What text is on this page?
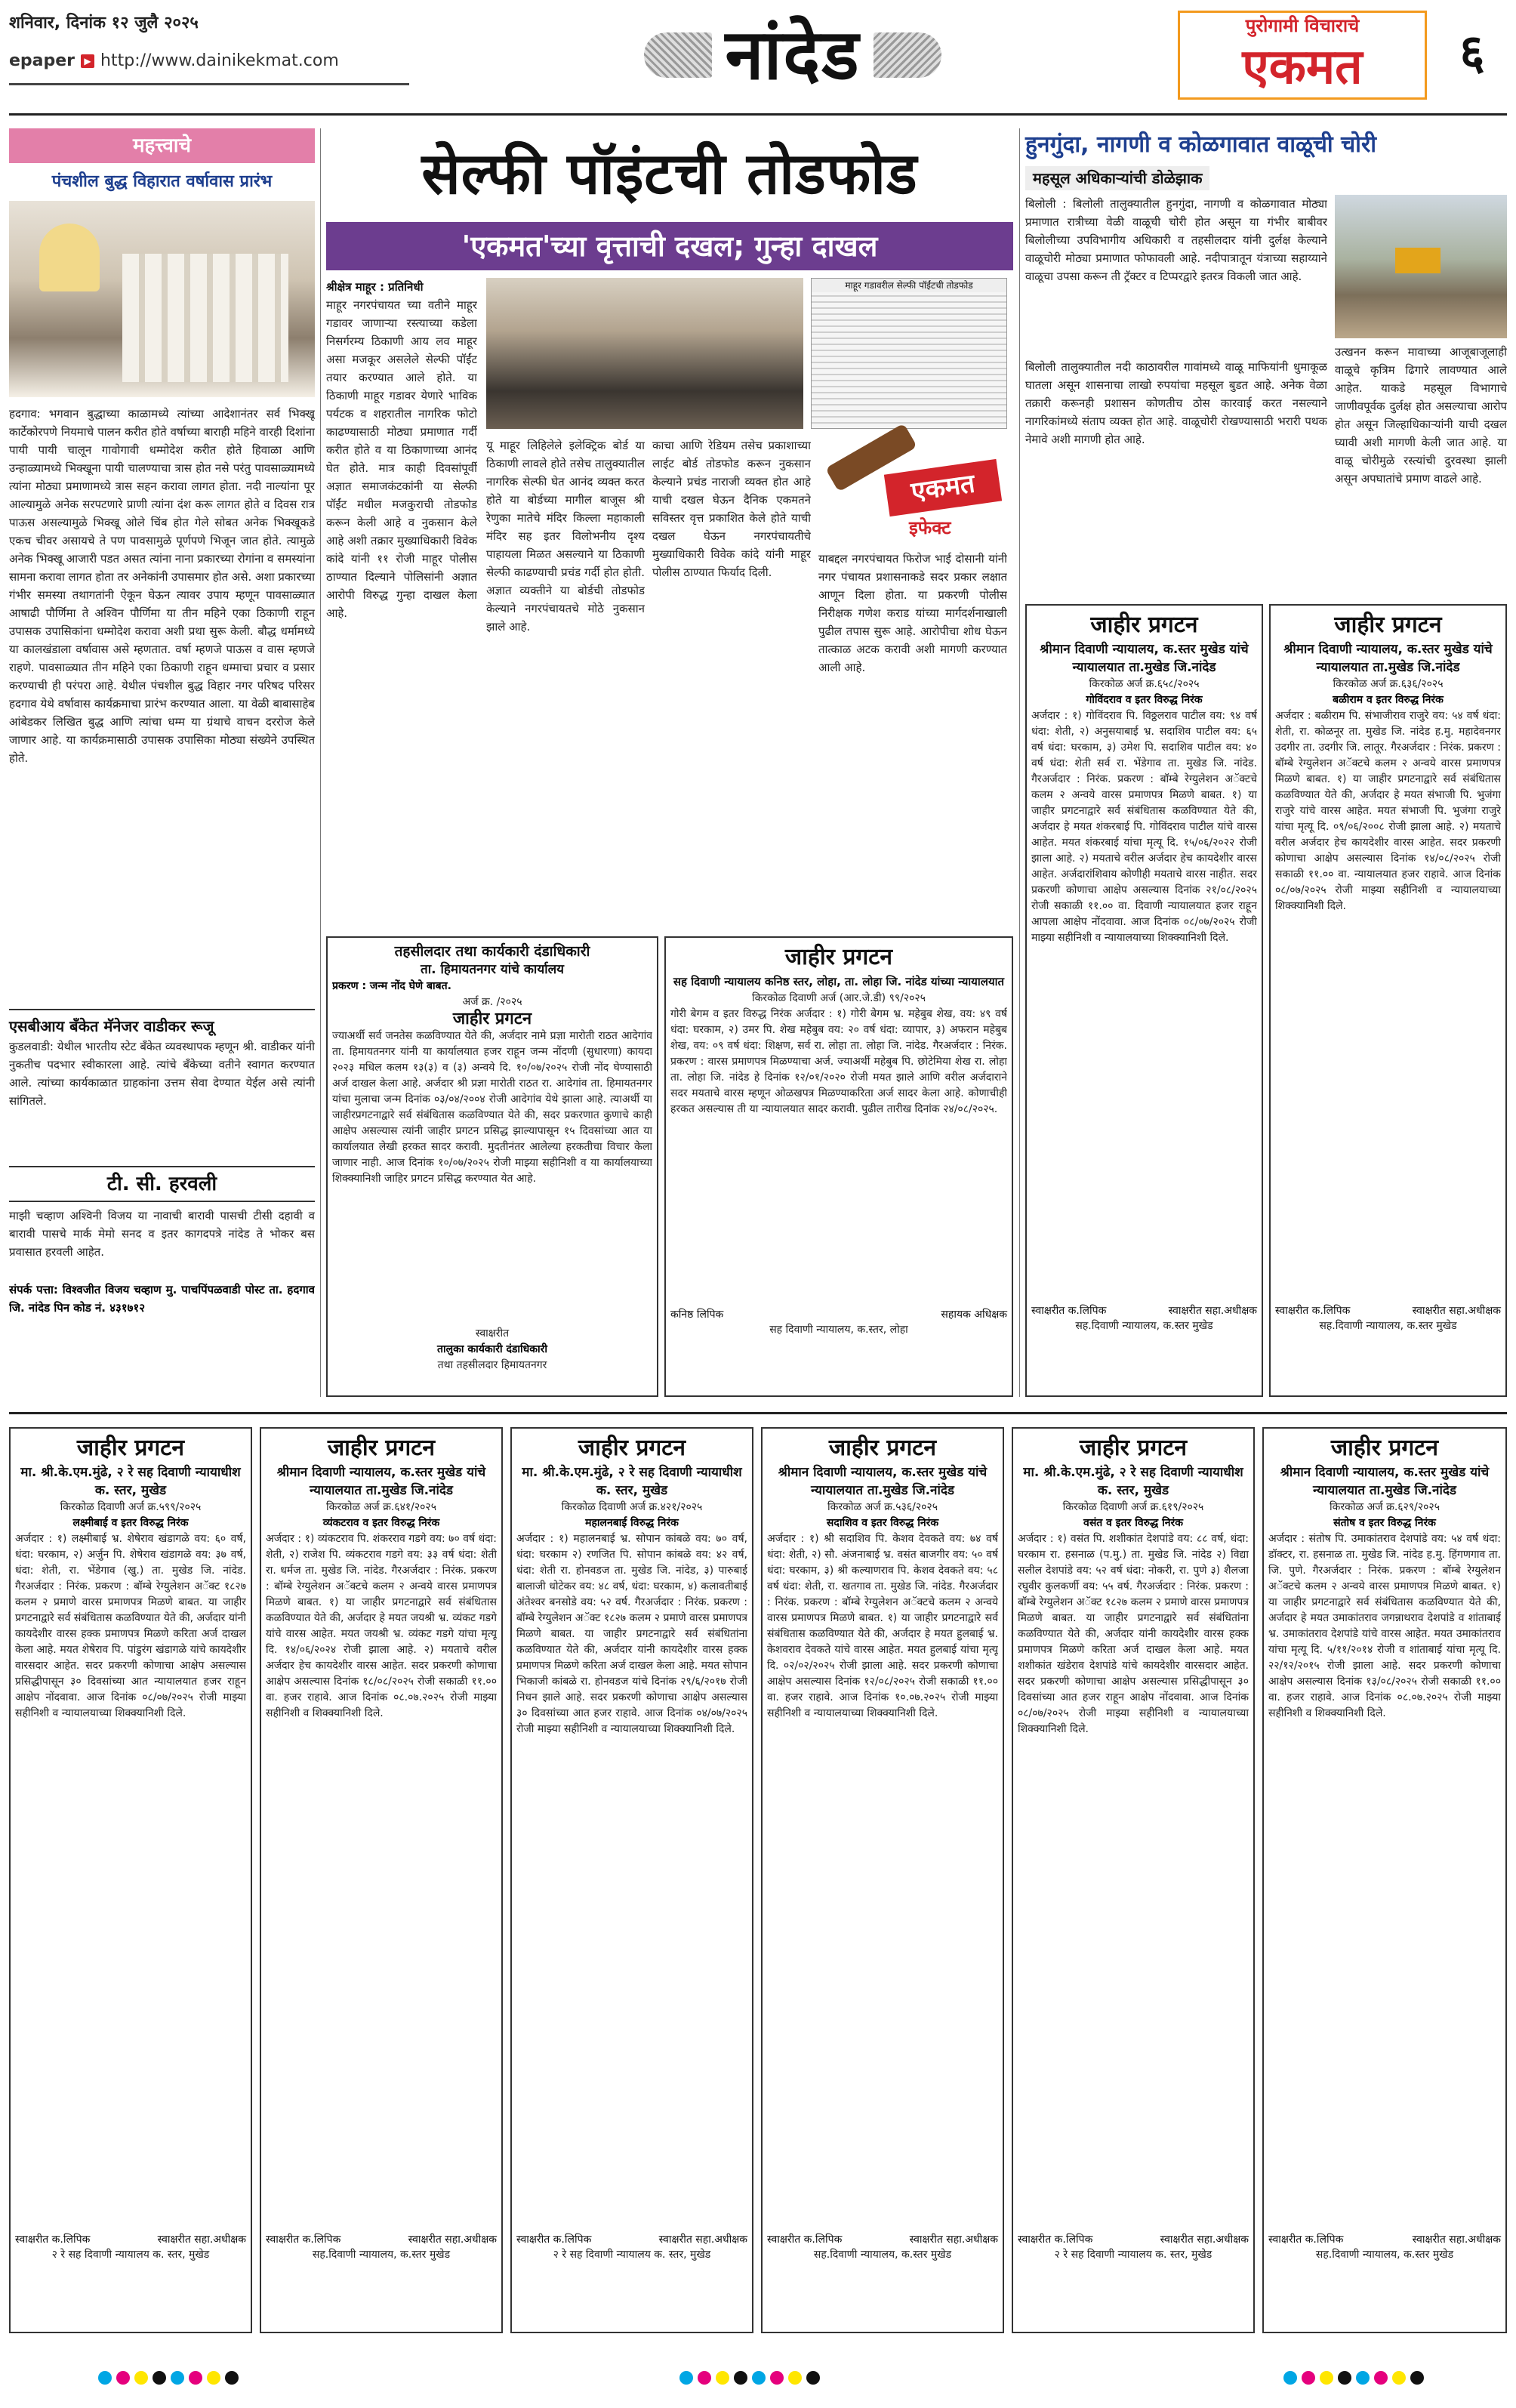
शनिवार, दिनांक १२ जुलै २०२५
epaper	▶ http://www.dainikekmat.com	नांदेड	पुरोगामी विचाराचे
एकमत	६
महत्त्वाचे
पंचशील बुद्ध विहारात वर्षावास प्रारंभ
हदगाव: भगवान बुद्धाच्या काळामध्ये त्यांच्या आदेशानंतर सर्व भिक्खू कार्टेकोरपणे नियमाचे पालन करीत होते वर्षाच्या बाराही महिने वारही दिशांना पायी पायी चालून गावोगावी धम्मोदेश करीत होते हिवाळा आणि उन्हाळ्यामध्ये भिक्खूना पायी चालण्याचा त्रास होत नसे परंतु पावसाळ्यामध्ये त्यांना मोठ्या प्रमाणामध्ये त्रास सहन करावा लागत होता. नदी नाल्यांना पूर आल्यामुळे अनेक सरपटणारे प्राणी त्यांना दंश करू लागत होते व दिवस रात्र पाऊस असल्यामुळे भिक्खू ओले चिंब होत गेले सोबत अनेक भिक्खूकडे एकच चीवर असायचे ते पण पावसामुळे पूर्णपणे भिजून जात होते. त्यामुळे अनेक भिक्खू आजारी पडत असत त्यांना नाना प्रकारच्या रोगांना व समस्यांना सामना करावा लागत होता तर अनेकांनी उपासमार होत असे. अशा प्रकारच्या गंभीर समस्या तथागतांनी ऐकून घेऊन त्यावर उपाय म्हणून पावसाळ्यात आषाढी पौर्णिमा ते अश्विन पौर्णिमा या तीन महिने एका ठिकाणी राहून उपासक उपासिकांना धम्मोदेश करावा अशी प्रथा सुरू केली. बौद्ध धर्मामध्ये या कालखंडाला वर्षावास असे म्हणतात. वर्षा म्हणजे पाऊस व वास म्हणजे राहणे. पावसाळ्यात तीन महिने एका ठिकाणी राहून धम्माचा प्रचार व प्रसार करण्याची ही परंपरा आहे. येथील पंचशील बुद्ध विहार नगर परिषद परिसर हदगाव येथे वर्षावास कार्यक्रमाचा प्रारंभ करण्यात आला. या वेळी बाबासाहेब आंबेडकर लिखित बुद्ध आणि त्यांचा धम्म या ग्रंथाचे वाचन दररोज केले जाणार आहे. या कार्यक्रमासाठी उपासक उपासिका मोठ्या संख्येने उपस्थित होते.
एसबीआय बँकेत मॅनेजर वाडीकर रूजू
कुडलवाडी: येथील भारतीय स्टेट बँकेत व्यवस्थापक म्हणून श्री. वाडीकर यांनी नुकतीच पदभार स्वीकारला आहे. त्यांचे बँकेच्या वतीने स्वागत करण्यात आले. त्यांच्या कार्यकाळात ग्राहकांना उत्तम सेवा देण्यात येईल असे त्यांनी सांगितले.
टी. सी. हरवली
माझी चव्हाण अश्विनी विजय या नावाची बारावी पासची टीसी दहावी व बारावी पासचे मार्क मेमो सनद व इतर कागदपत्रे नांदेड ते भोकर बस प्रवासात हरवली आहेत.
संपर्क पत्ता: विश्वजीत विजय चव्हाण मु. पाचपिंपळवाडी पोस्ट ता. हदगाव जि. नांदेड पिन कोड नं. ४३१७१२
सेल्फी पॉइंटची तोडफोड
'एकमत'च्या वृत्ताची दखल; गुन्हा दाखल
श्रीक्षेत्र माहूर : प्रतिनिधी
माहूर नगरपंचायत च्या वतीने माहूर गडावर जाणाऱ्या रस्त्याच्या कडेला निसर्गरम्य ठिकाणी आय लव माहूर असा मजकूर असलेले सेल्फी पॉईंट तयार करण्यात आले होते. या ठिकाणी माहूर गडावर येणारे भाविक पर्यटक व शहरातील नागरिक फोटो काढण्यासाठी मोठ्या प्रमाणात गर्दी करीत होते व या ठिकाणाच्या आनंद घेत होते. मात्र काही दिवसांपूर्वी अज्ञात समाजकंटकांनी या सेल्फी पॉईंट मधील मजकुराची तोडफोड करून केली आहे व नुकसान केले आहे अशी तक्रार मुख्याधिकारी विवेक कांदे यांनी ११ रोजी माहूर पोलीस ठाण्यात दिल्याने पोलिसांनी अज्ञात आरोपी विरुद्ध गुन्हा दाखल केला आहे.
माहूर गडावरील सेल्फी पॉईंटची तोडफोड
यू माहूर लिहिलेले इलेक्ट्रिक बोर्ड या ठिकाणी लावले होते तसेच तालुक्यातील नागरिक सेल्फी घेत आनंद व्यक्त करत होते या बोर्डच्या मागील बाजूस श्री रेणुका मातेचे मंदिर किल्ला महाकाली मंदिर सह इतर विलोभनीय दृश्य पाहायला मिळत असल्याने या ठिकाणी सेल्फी काढण्याची प्रचंड गर्दी होत होती. अज्ञात व्यक्तीने या बोर्डची तोडफोड केल्याने नगरपंचायतचे मोठे नुकसान झाले आहे.
काचा आणि रेडियम तसेच प्रकाशाच्या लाईट बोर्ड तोडफोड करून नुकसान केल्याने प्रचंड नाराजी व्यक्त होत आहे याची दखल घेऊन दैनिक एकमतने सविस्तर वृत्त प्रकाशित केले होते याची दखल घेऊन नगरपंचायतीचे मुख्याधिकारी विवेक कांदे यांनी माहूर पोलीस ठाण्यात फिर्याद दिली.
एकमत
इफेक्ट
याबद्दल नगरपंचायत फिरोज भाई दोसानी यांनी नगर पंचायत प्रशासनाकडे सदर प्रकार लक्षात आणून दिला होता. या प्रकरणी पोलीस निरीक्षक गणेश कराड यांच्या मार्गदर्शनाखाली पुढील तपास सुरू आहे. आरोपीचा शोध घेऊन तात्काळ अटक करावी अशी मागणी करण्यात आली आहे.
हुनगुंदा, नागणी व कोळगावात वाळूची चोरी
महसूल अधिकाऱ्यांची डोळेझाक
बिलोली : बिलोली तालुक्यातील हुनगुंदा, नागणी व कोळगावात मोठ्या प्रमाणात रात्रीच्या वेळी वाळूची चोरी होत असून या गंभीर बाबीवर बिलोलीच्या उपविभागीय अधिकारी व तहसीलदार यांनी दुर्लक्ष केल्याने वाळूचोरी मोठ्या प्रमाणात फोफावली आहे. नदीपात्रातून यंत्राच्या सहाय्याने वाळूचा उपसा करून ती ट्रॅक्टर व टिप्परद्वारे इतरत्र विकली जात आहे.
बिलोली तालुक्यातील नदी काठावरील गावांमध्ये वाळू माफियांनी धुमाकूळ घातला असून शासनाचा लाखो रुपयांचा महसूल बुडत आहे. अनेक वेळा तक्रारी करूनही प्रशासन कोणतीच ठोस कारवाई करत नसल्याने नागरिकांमध्ये संताप व्यक्त होत आहे. वाळूचोरी रोखण्यासाठी भरारी पथक नेमावे अशी मागणी होत आहे.
उत्खनन करून मावाच्या आजूबाजूलाही वाळूचे कृत्रिम ढिगारे लावण्यात आले आहेत. याकडे महसूल विभागाचे जाणीवपूर्वक दुर्लक्ष होत असल्याचा आरोप होत असून जिल्हाधिकाऱ्यांनी याची दखल घ्यावी अशी मागणी केली जात आहे. या वाळू चोरीमुळे रस्त्यांची दुरवस्था झाली असून अपघातांचे प्रमाण वाढले आहे.
जाहीर प्रगटन
श्रीमान दिवाणी न्यायालय, क.स्तर मुखेड यांचे न्यायालयात ता.मुखेड जि.नांदेड
किरकोळ अर्ज क्र.६५८/२०२५
गोविंदराव व इतर विरुद्ध निरंक
अर्जदार : १) गोविंदराव पि. विठ्ठलराव पाटील वय: ९४ वर्ष धंदा: शेती, २) अनुसयाबाई भ्र. सदाशिव पाटील वय: ६५ वर्ष धंदा: घरकाम, ३) उमेश पि. सदाशिव पाटील वय: ४० वर्ष धंदा: शेती सर्व रा. भेंडेगाव ता. मुखेड जि. नांदेड. गैरअर्जदार : निरंक. प्रकरण : बॉम्बे रेग्युलेशन अॅक्टचे कलम २ अन्वये वारस प्रमाणपत्र मिळणे बाबत. १) या जाहीर प्रगटनाद्वारे सर्व संबंधितास कळविण्यात येते की, अर्जदार हे मयत शंकरबाई पि. गोविंदराव पाटील यांचे वारस आहेत. मयत शंकरबाई यांचा मृत्यू दि. १५/०६/२०२२ रोजी झाला आहे. २) मयताचे वरील अर्जदार हेच कायदेशीर वारस आहेत. अर्जदारांशिवाय कोणीही मयताचे वारस नाहीत. सदर प्रकरणी कोणाचा आक्षेप असल्यास दिनांक २१/०८/२०२५ रोजी सकाळी ११.०० वा. दिवाणी न्यायालयात हजर राहून आपला आक्षेप नोंदवावा. आज दिनांक ०८/०७/२०२५ रोजी माझ्या सहीनिशी व न्यायालयाच्या शिक्क्यानिशी दिले.
स्वाक्षरीत क.लिपिक	स्वाक्षरीत सहा.अधीक्षक
सह.दिवाणी न्यायालय, क.स्तर मुखेड
जाहीर प्रगटन
श्रीमान दिवाणी न्यायालय, क.स्तर मुखेड यांचे न्यायालयात ता.मुखेड जि.नांदेड
किरकोळ अर्ज क्र.६३६/२०२५
बळीराम व इतर विरुद्ध निरंक
अर्जदार : बळीराम पि. संभाजीराव राजुरे वय: ५४ वर्ष धंदा: शेती, रा. कोळनूर ता. मुखेड जि. नांदेड ह.मु. महादेवनगर उदगीर ता. उदगीर जि. लातूर. गैरअर्जदार : निरंक. प्रकरण : बॉम्बे रेग्युलेशन अॅक्टचे कलम २ अन्वये वारस प्रमाणपत्र मिळणे बाबत. १) या जाहीर प्रगटनाद्वारे सर्व संबंधितास कळविण्यात येते की, अर्जदार हे मयत संभाजी पि. भुजंगा राजुरे यांचे वारस आहेत. मयत संभाजी पि. भुजंगा राजुरे यांचा मृत्यू दि. ०९/०६/२००८ रोजी झाला आहे. २) मयताचे वरील अर्जदार हेच कायदेशीर वारस आहेत. सदर प्रकरणी कोणाचा आक्षेप असल्यास दिनांक १४/०८/२०२५ रोजी सकाळी ११.०० वा. न्यायालयात हजर राहावे. आज दिनांक ०८/०७/२०२५ रोजी माझ्या सहीनिशी व न्यायालयाच्या शिक्क्यानिशी दिले.
स्वाक्षरीत क.लिपिक	स्वाक्षरीत सहा.अधीक्षक
सह.दिवाणी न्यायालय, क.स्तर मुखेड
तहसीलदार तथा कार्यकारी दंडाधिकारी
ता. हिमायतनगर यांचे कार्यालय
प्रकरण : जन्म नोंद घेणे बाबत.
अर्ज क्र. /२०२५
जाहीर प्रगटन
ज्याअर्थी सर्व जनतेस कळविण्यात येते की, अर्जदार नामे प्रज्ञा मारोती राठत आदेगांव ता. हिमायतनगर यांनी या कार्यालयात हजर राहून जन्म नोंदणी (सुधारणा) कायदा २०२३ मधिल कलम १३(३) व (३) अन्वये दि. १०/०७/२०२५ रोजी नोंद घेण्यासाठी अर्ज दाखल केला आहे. अर्जदार श्री प्रज्ञा मारोती राठत रा. आदेगांव ता. हिमायतनगर यांचा मुलाचा जन्म दिनांक ०३/०४/२००४ रोजी आदेगांव येथे झाला आहे. त्याअर्थी या जाहीरप्रगटनाद्वारे सर्व संबंधितास कळविण्यात येते की, सदर प्रकरणात कुणाचे काही आक्षेप असल्यास त्यांनी जाहीर प्रगटन प्रसिद्ध झाल्यापासून १५ दिवसांच्या आत या कार्यालयात लेखी हरकत सादर करावी. मुदतीनंतर आलेल्या हरकतीचा विचार केला जाणार नाही. आज दिनांक १०/०७/२०२५ रोजी माझ्या सहीनिशी व या कार्यालयाच्या शिक्क्यानिशी जाहिर प्रगटन प्रसिद्ध करण्यात येत आहे.
स्वाक्षरीत
तालुका कार्यकारी दंडाधिकारी
तथा तहसीलदार हिमायतनगर
जाहीर प्रगटन
सह दिवाणी न्यायालय कनिष्ठ स्तर, लोहा, ता. लोहा जि. नांदेड यांच्या न्यायालयात
किरकोळ दिवाणी अर्ज (आर.जे.डी) ९९/२०२५
गोरी बेगम व इतर विरुद्ध निरंक अर्जदार : १) गोरी बेगम भ्र. महेबुब शेख, वय: ४९ वर्ष धंदा: घरकाम, २) उमर पि. शेख महेबुब वय: २० वर्ष धंदा: व्यापार, ३) अफरान महेबुब शेख, वय: ०९ वर्ष धंदा: शिक्षण, सर्व रा. लोहा ता. लोहा जि. नांदेड. गैरअर्जदार : निरंक. प्रकरण : वारस प्रमाणपत्र मिळण्याचा अर्ज. ज्याअर्थी महेबुब पि. छोटेमिया शेख रा. लोहा ता. लोहा जि. नांदेड हे दिनांक १२/०१/२०२० रोजी मयत झाले आणि वरील अर्जदाराने सदर मयताचे वारस म्हणून ओळखपत्र मिळण्याकरिता अर्ज सादर केला आहे. कोणाचीही हरकत असल्यास ती या न्यायालयात सादर करावी. पुढील तारीख दिनांक २४/०८/२०२५.
कनिष्ठ लिपिक	सहायक अधिक्षक
सह दिवाणी न्यायालय, क.स्तर, लोहा
जाहीर प्रगटन
मा. श्री.के.एम.मुंढे, २ रे सह दिवाणी न्यायाधीश क. स्तर, मुखेड
किरकोळ दिवाणी अर्ज क्र.५९९/२०२५
लक्ष्मीबाई व इतर विरुद्ध निरंक
अर्जदार : १) लक्ष्मीबाई भ्र. शेषेराव खंडागळे वय: ६० वर्ष, धंदा: घरकाम, २) अर्जुन पि. शेषेराव खंडागळे वय: ३७ वर्ष, धंदा: शेती, रा. भेंडेगाव (खु.) ता. मुखेड जि. नांदेड. गैरअर्जदार : निरंक. प्रकरण : बॉम्बे रेग्युलेशन अॅक्ट १८२७ कलम २ प्रमाणे वारस प्रमाणपत्र मिळणे बाबत. या जाहीर प्रगटनाद्वारे सर्व संबंधितास कळविण्यात येते की, अर्जदार यांनी कायदेशीर वारस हक्क प्रमाणपत्र मिळणे करिता अर्ज दाखल केला आहे. मयत शेषेराव पि. पांडुरंग खंडागळे यांचे कायदेशीर वारसदार आहेत. सदर प्रकरणी कोणाचा आक्षेप असल्यास प्रसिद्धीपासून ३० दिवसांच्या आत न्यायालयात हजर राहून आक्षेप नोंदवावा. आज दिनांक ०८/०७/२०२५ रोजी माझ्या सहीनिशी व न्यायालयाच्या शिक्क्यानिशी दिले.
स्वाक्षरीत क.लिपिक	स्वाक्षरीत सहा.अधीक्षक
२ रे सह दिवाणी न्यायालय क. स्तर, मुखेड
जाहीर प्रगटन
श्रीमान दिवाणी न्यायालय, क.स्तर मुखेड यांचे न्यायालयात ता.मुखेड जि.नांदेड
किरकोळ अर्ज क्र.६४१/२०२५
व्यंकटराव व इतर विरुद्ध निरंक
अर्जदार : १) व्यंकटराव पि. शंकरराव गडगे वय: ७० वर्ष धंदा: शेती, २) राजेश पि. व्यंकटराव गडगे वय: ३३ वर्ष धंदा: शेती रा. धर्मज ता. मुखेड जि. नांदेड. गैरअर्जदार : निरंक. प्रकरण : बॉम्बे रेग्युलेशन अॅक्टचे कलम २ अन्वये वारस प्रमाणपत्र मिळणे बाबत. १) या जाहीर प्रगटनाद्वारे सर्व संबंधितास कळविण्यात येते की, अर्जदार हे मयत जयश्री भ्र. व्यंकट गडगे यांचे वारस आहेत. मयत जयश्री भ्र. व्यंकट गडगे यांचा मृत्यू दि. १४/०६/२०२४ रोजी झाला आहे. २) मयताचे वरील अर्जदार हेच कायदेशीर वारस आहेत. सदर प्रकरणी कोणाचा आक्षेप असल्यास दिनांक १८/०८/२०२५ रोजी सकाळी ११.०० वा. हजर राहावे. आज दिनांक ०८.०७.२०२५ रोजी माझ्या सहीनिशी व शिक्क्यानिशी दिले.
स्वाक्षरीत क.लिपिक	स्वाक्षरीत सहा.अधीक्षक
सह.दिवाणी न्यायालय, क.स्तर मुखेड
जाहीर प्रगटन
मा. श्री.के.एम.मुंढे, २ रे सह दिवाणी न्यायाधीश क. स्तर, मुखेड
किरकोळ दिवाणी अर्ज क्र.४२१/२०२५
महालनबाई विरुद्ध निरंक
अर्जदार : १) महालनबाई भ्र. सोपान कांबळे वय: ७० वर्ष, धंदा: घरकाम २) रणजित पि. सोपान कांबळे वय: ४२ वर्ष, धंदा: शेती रा. होनवडज ता. मुखेड जि. नांदेड, ३) पारुबाई बालाजी धोटेकर वय: ४८ वर्ष, धंदा: घरकाम, ४) कलावतीबाई अंतेश्वर बनसोडे वय: ५२ वर्ष. गैरअर्जदार : निरंक. प्रकरण : बॉम्बे रेग्युलेशन अॅक्ट १८२७ कलम २ प्रमाणे वारस प्रमाणपत्र मिळणे बाबत. या जाहीर प्रगटनाद्वारे सर्व संबंधितांना कळविण्यात येते की, अर्जदार यांनी कायदेशीर वारस हक्क प्रमाणपत्र मिळणे करिता अर्ज दाखल केला आहे. मयत सोपान भिकाजी कांबळे रा. होनवडज यांचे दिनांक २९/६/२०१७ रोजी निधन झाले आहे. सदर प्रकरणी कोणाचा आक्षेप असल्यास ३० दिवसांच्या आत हजर राहावे. आज दिनांक ०४/०७/२०२५ रोजी माझ्या सहीनिशी व न्यायालयाच्या शिक्क्यानिशी दिले.
स्वाक्षरीत क.लिपिक	स्वाक्षरीत सहा.अधीक्षक
२ रे सह दिवाणी न्यायालय क. स्तर, मुखेड
जाहीर प्रगटन
श्रीमान दिवाणी न्यायालय, क.स्तर मुखेड यांचे न्यायालयात ता.मुखेड जि.नांदेड
किरकोळ अर्ज क्र.५३६/२०२५
सदाशिव व इतर विरुद्ध निरंक
अर्जदार : १) श्री सदाशिव पि. केशव देवकते वय: ७४ वर्ष धंदा: शेती, २) सौ. अंजनाबाई भ्र. वसंत बाजगीर वय: ५० वर्ष धंदा: घरकाम, ३) श्री कल्याणराव पि. केशव देवकते वय: ५८ वर्ष धंदा: शेती, रा. खतगाव ता. मुखेड जि. नांदेड. गैरअर्जदार : निरंक. प्रकरण : बॉम्बे रेग्युलेशन अॅक्टचे कलम २ अन्वये वारस प्रमाणपत्र मिळणे बाबत. १) या जाहीर प्रगटनाद्वारे सर्व संबंधितास कळविण्यात येते की, अर्जदार हे मयत हुलबाई भ्र. केशवराव देवकते यांचे वारस आहेत. मयत हुलबाई यांचा मृत्यू दि. ०२/०२/२०२५ रोजी झाला आहे. सदर प्रकरणी कोणाचा आक्षेप असल्यास दिनांक १२/०८/२०२५ रोजी सकाळी ११.०० वा. हजर राहावे. आज दिनांक १०.०७.२०२५ रोजी माझ्या सहीनिशी व न्यायालयाच्या शिक्क्यानिशी दिले.
स्वाक्षरीत क.लिपिक	स्वाक्षरीत सहा.अधीक्षक
सह.दिवाणी न्यायालय, क.स्तर मुखेड
जाहीर प्रगटन
मा. श्री.के.एम.मुंढे, २ रे सह दिवाणी न्यायाधीश क. स्तर, मुखेड
किरकोळ दिवाणी अर्ज क्र.६१९/२०२५
वसंत व इतर विरुद्ध निरंक
अर्जदार : १) वसंत पि. शशीकांत देशपांडे वय: ८८ वर्ष, धंदा: घरकाम रा. हसनाळ (प.मु.) ता. मुखेड जि. नांदेड २) विद्या सलील देशपांडे वय: ५२ वर्ष धंदा: नोकरी, रा. पुणे ३) शैलजा रघुवीर कुलकर्णी वय: ५५ वर्ष. गैरअर्जदार : निरंक. प्रकरण : बॉम्बे रेग्युलेशन अॅक्ट १८२७ कलम २ प्रमाणे वारस प्रमाणपत्र मिळणे बाबत. या जाहीर प्रगटनाद्वारे सर्व संबंधितांना कळविण्यात येते की, अर्जदार यांनी कायदेशीर वारस हक्क प्रमाणपत्र मिळणे करिता अर्ज दाखल केला आहे. मयत शशीकांत खंडेराव देशपांडे यांचे कायदेशीर वारसदार आहेत. सदर प्रकरणी कोणाचा आक्षेप असल्यास प्रसिद्धीपासून ३० दिवसांच्या आत हजर राहून आक्षेप नोंदवावा. आज दिनांक ०८/०७/२०२५ रोजी माझ्या सहीनिशी व न्यायालयाच्या शिक्क्यानिशी दिले.
स्वाक्षरीत क.लिपिक	स्वाक्षरीत सहा.अधीक्षक
२ रे सह दिवाणी न्यायालय क. स्तर, मुखेड
जाहीर प्रगटन
श्रीमान दिवाणी न्यायालय, क.स्तर मुखेड यांचे न्यायालयात ता.मुखेड जि.नांदेड
किरकोळ अर्ज क्र.६२९/२०२५
संतोष व इतर विरुद्ध निरंक
अर्जदार : संतोष पि. उमाकांतराव देशपांडे वय: ५४ वर्ष धंदा: डॉक्टर, रा. हसनाळ ता. मुखेड जि. नांदेड ह.मु. हिंगणगाव ता. जि. पुणे. गैरअर्जदार : निरंक. प्रकरण : बॉम्बे रेग्युलेशन अॅक्टचे कलम २ अन्वये वारस प्रमाणपत्र मिळणे बाबत. १) या जाहीर प्रगटनाद्वारे सर्व संबंधितास कळविण्यात येते की, अर्जदार हे मयत उमाकांतराव जगन्नाथराव देशपांडे व शांताबाई भ्र. उमाकांतराव देशपांडे यांचे वारस आहेत. मयत उमाकांतराव यांचा मृत्यू दि. ५/११/२०१४ रोजी व शांताबाई यांचा मृत्यू दि. २२/१२/२०१५ रोजी झाला आहे. सदर प्रकरणी कोणाचा आक्षेप असल्यास दिनांक १३/०८/२०२५ रोजी सकाळी ११.०० वा. हजर राहावे. आज दिनांक ०८.०७.२०२५ रोजी माझ्या सहीनिशी व शिक्क्यानिशी दिले.
स्वाक्षरीत क.लिपिक	स्वाक्षरीत सहा.अधीक्षक
सह.दिवाणी न्यायालय, क.स्तर मुखेड
